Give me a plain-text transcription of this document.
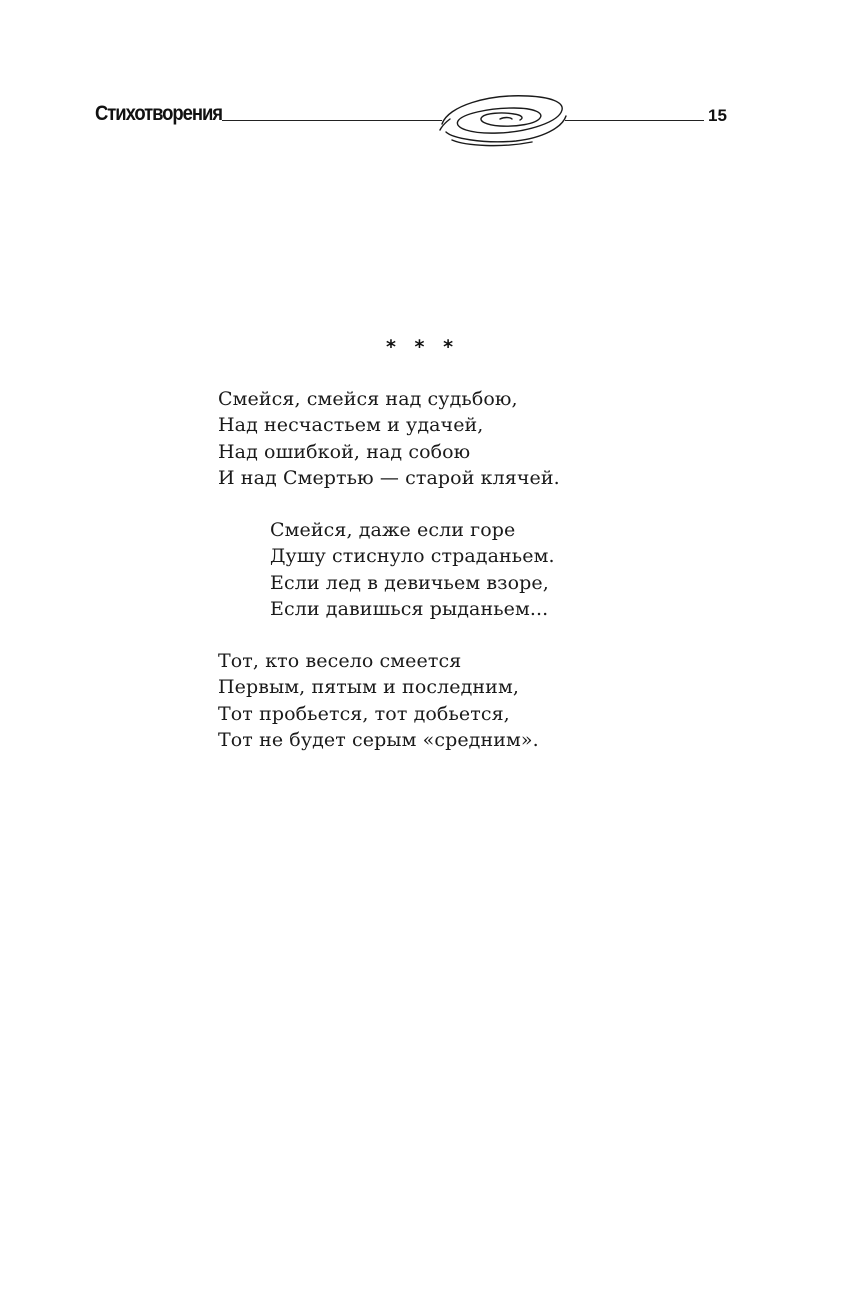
Стихотворения	15
* * *
Смейся, смейся над судьбою,
Над несчастьем и удачей,
Над ошибкой, над собою
И над Смертью — старой клячей.
Смейся, даже если горе
Душу стиснуло страданьем.
Если лед в девичьем взоре,
Если давишься рыданьем...
Тот, кто весело смеется
Первым, пятым и последним,
Тот пробьется, тот добьется,
Тот не будет серым «средним».
